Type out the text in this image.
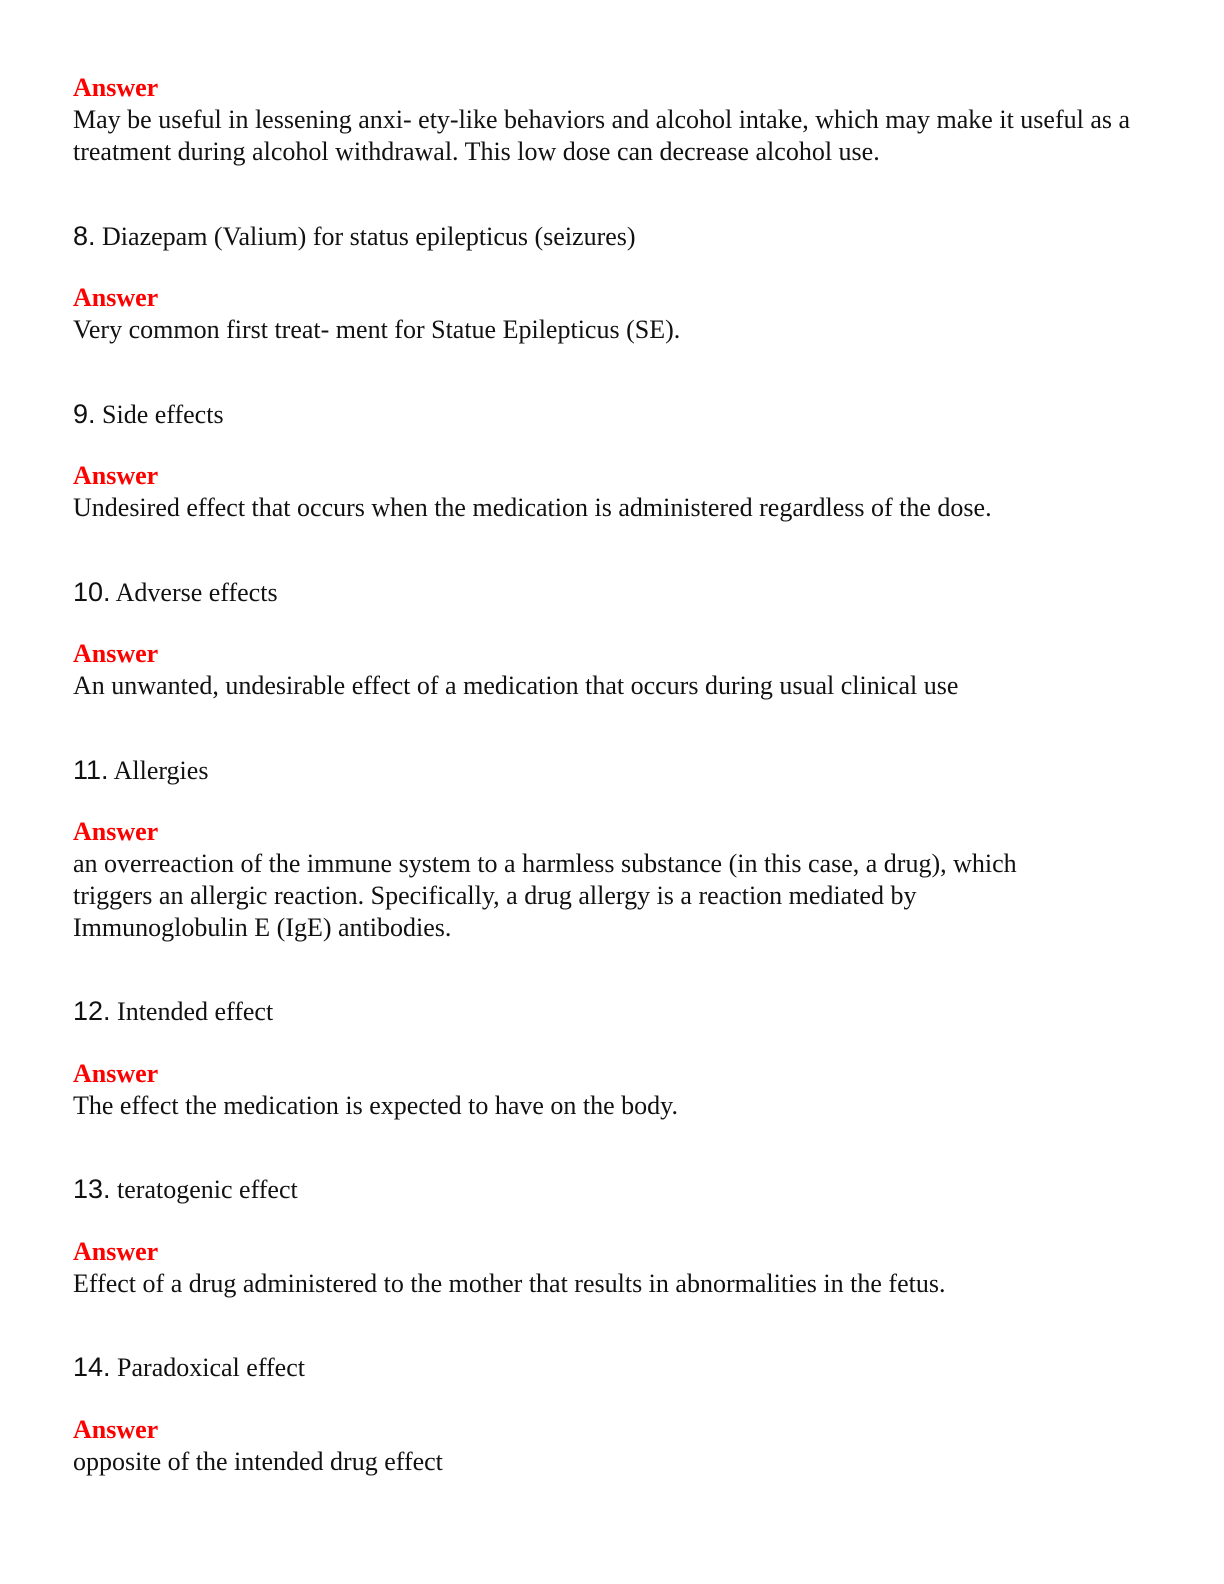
Answer
May be useful in lessening anxi- ety-like behaviors and alcohol intake, which may make it useful as a treatment during alcohol withdrawal. This low dose can decrease alcohol use.
8. Diazepam (Valium) for status epilepticus (seizures)
Answer
Very common first treat- ment for Statue Epilepticus (SE).
9. Side effects
Answer
Undesired effect that occurs when the medication is administered regardless of the dose.
10. Adverse effects
Answer
An unwanted, undesirable effect of a medication that occurs during usual clinical use
11. Allergies
Answer
an overreaction of the immune system to a harmless substance (in this case, a drug), which triggers an allergic reaction. Specifically, a drug allergy is a reaction mediated by Immunoglobulin E (IgE) antibodies.
12. Intended effect
Answer
The effect the medication is expected to have on the body.
13. teratogenic effect
Answer
Effect of a drug administered to the mother that results in abnormalities in the fetus.
14. Paradoxical effect
Answer
opposite of the intended drug effect
